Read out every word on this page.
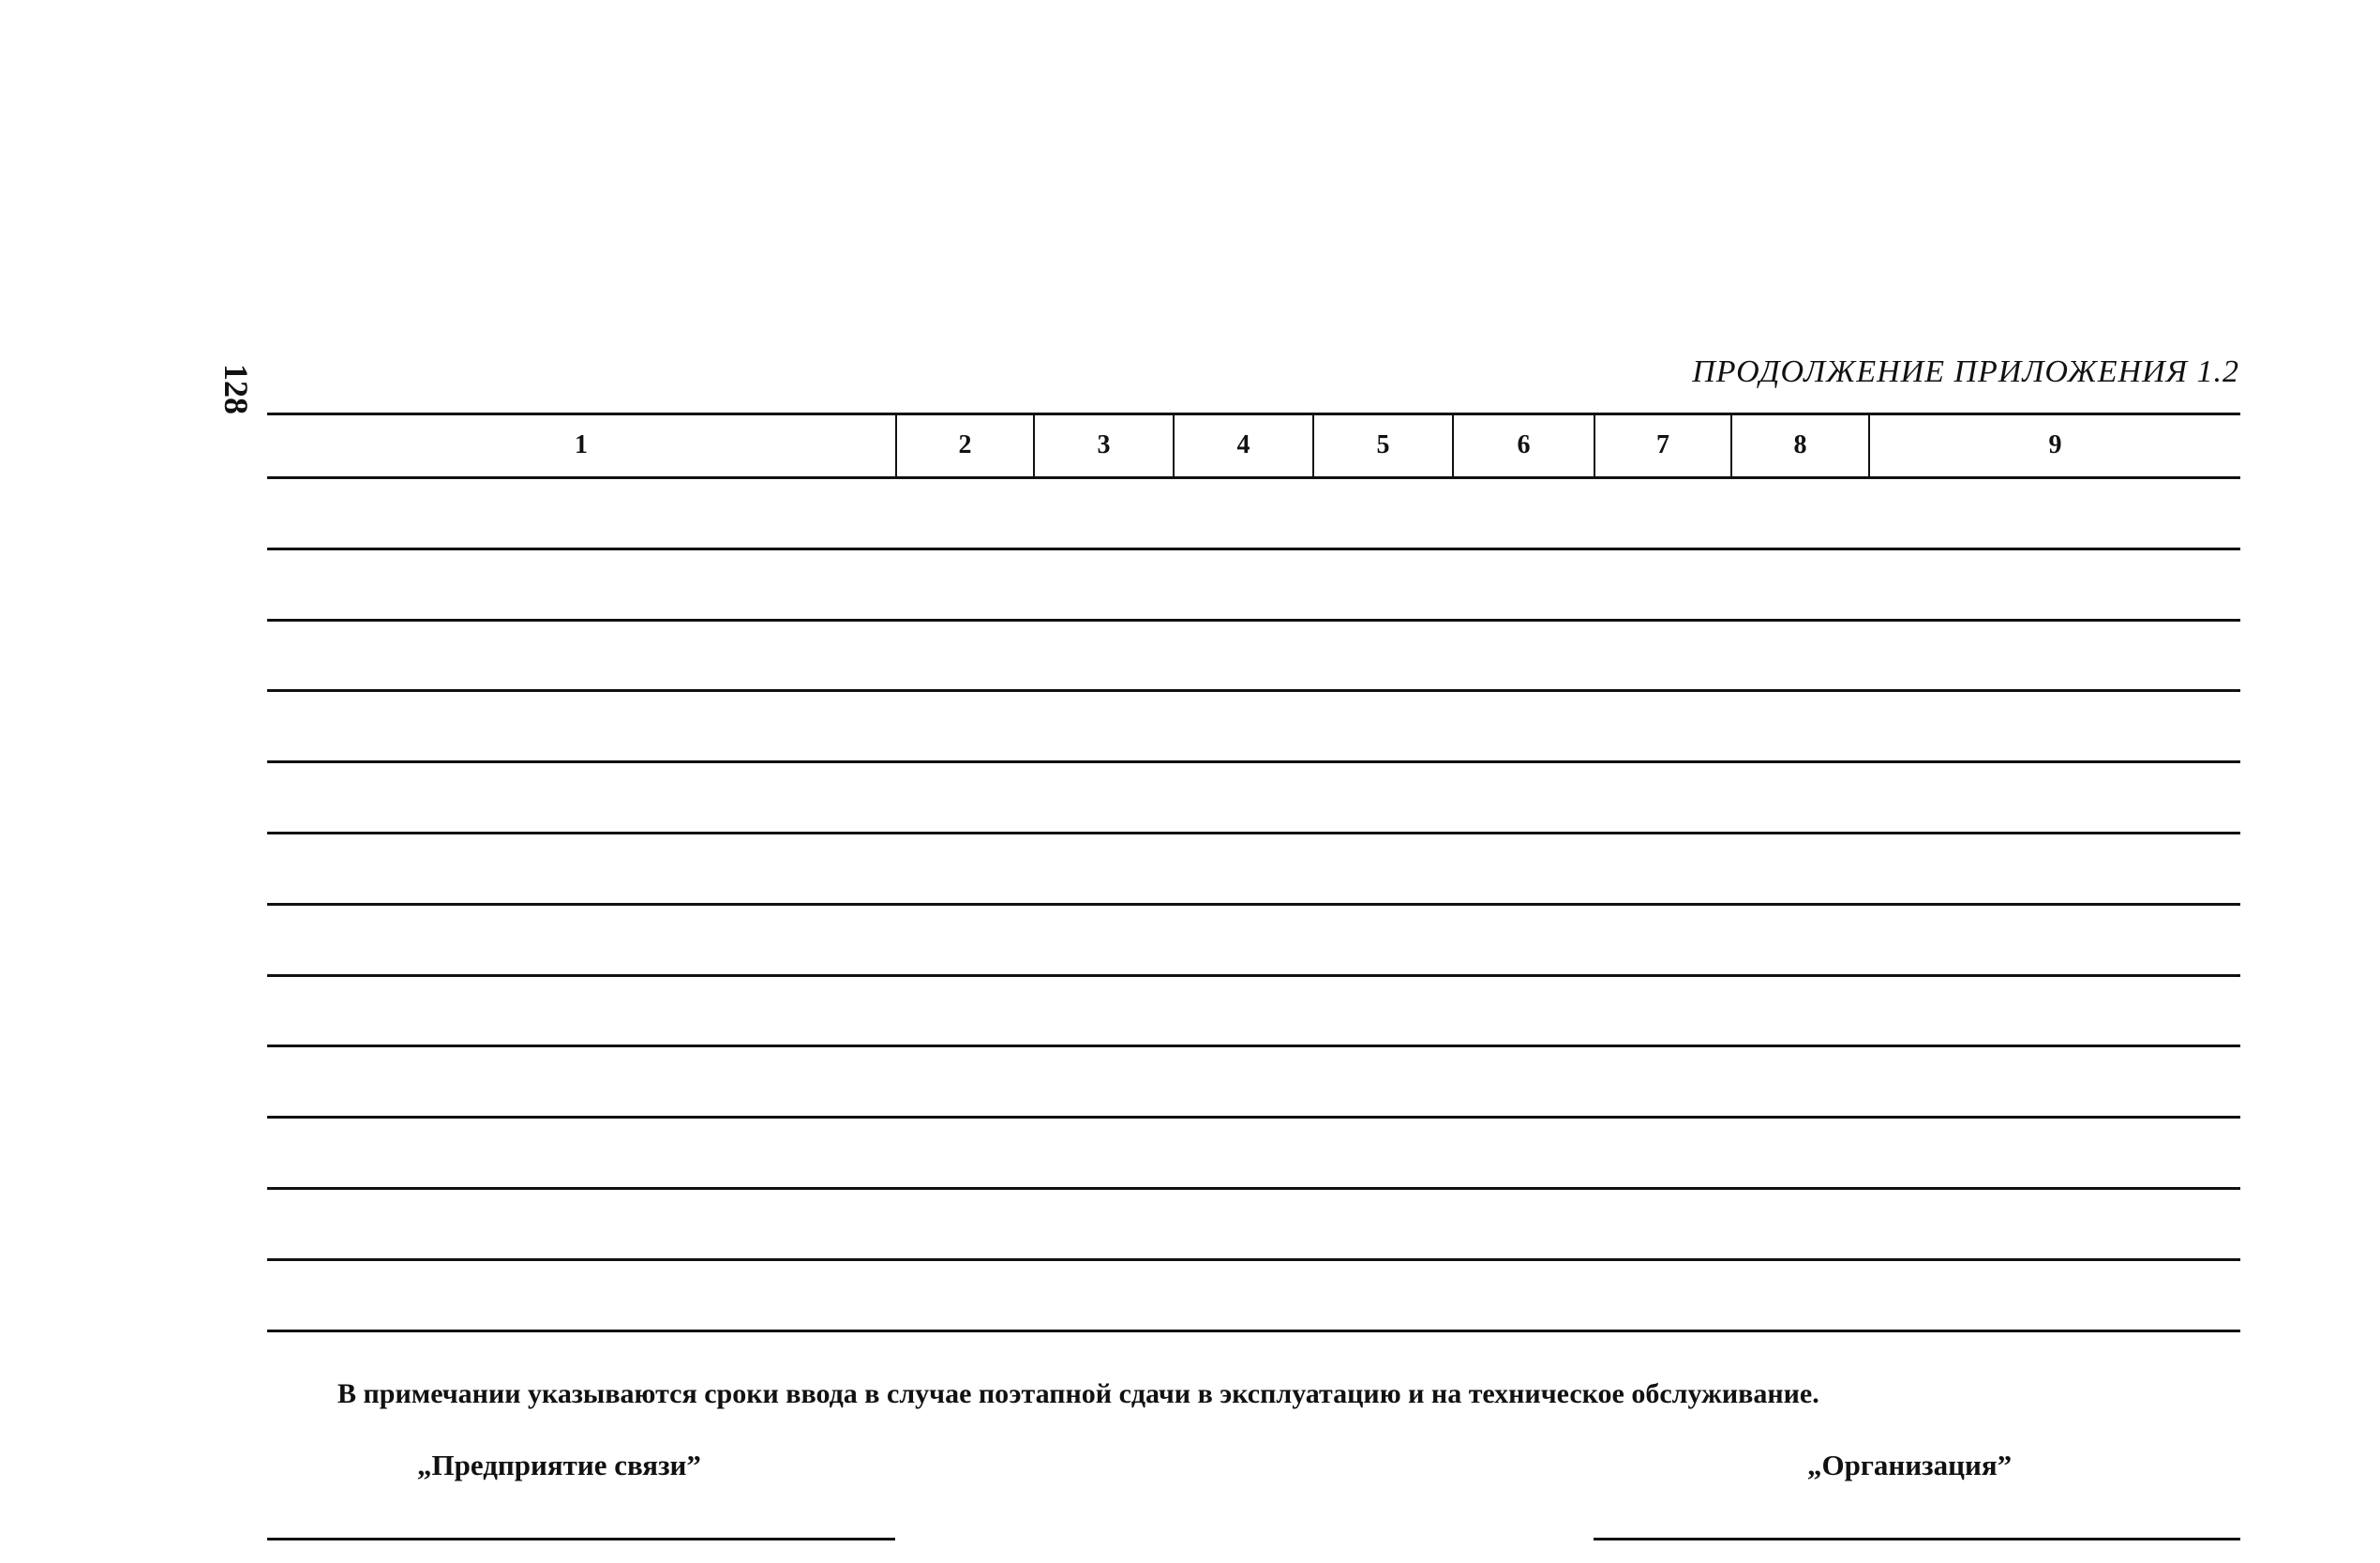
128	ПРОДОЛЖЕНИЕ ПРИЛОЖЕНИЯ 1.2
1	2	3	4	5	6	7	8	9
В примечании указываются сроки ввода в случае поэтапной сдачи в эксплуатацию и на техническое обслуживание.
„Предприятие связи”	„Организация”
